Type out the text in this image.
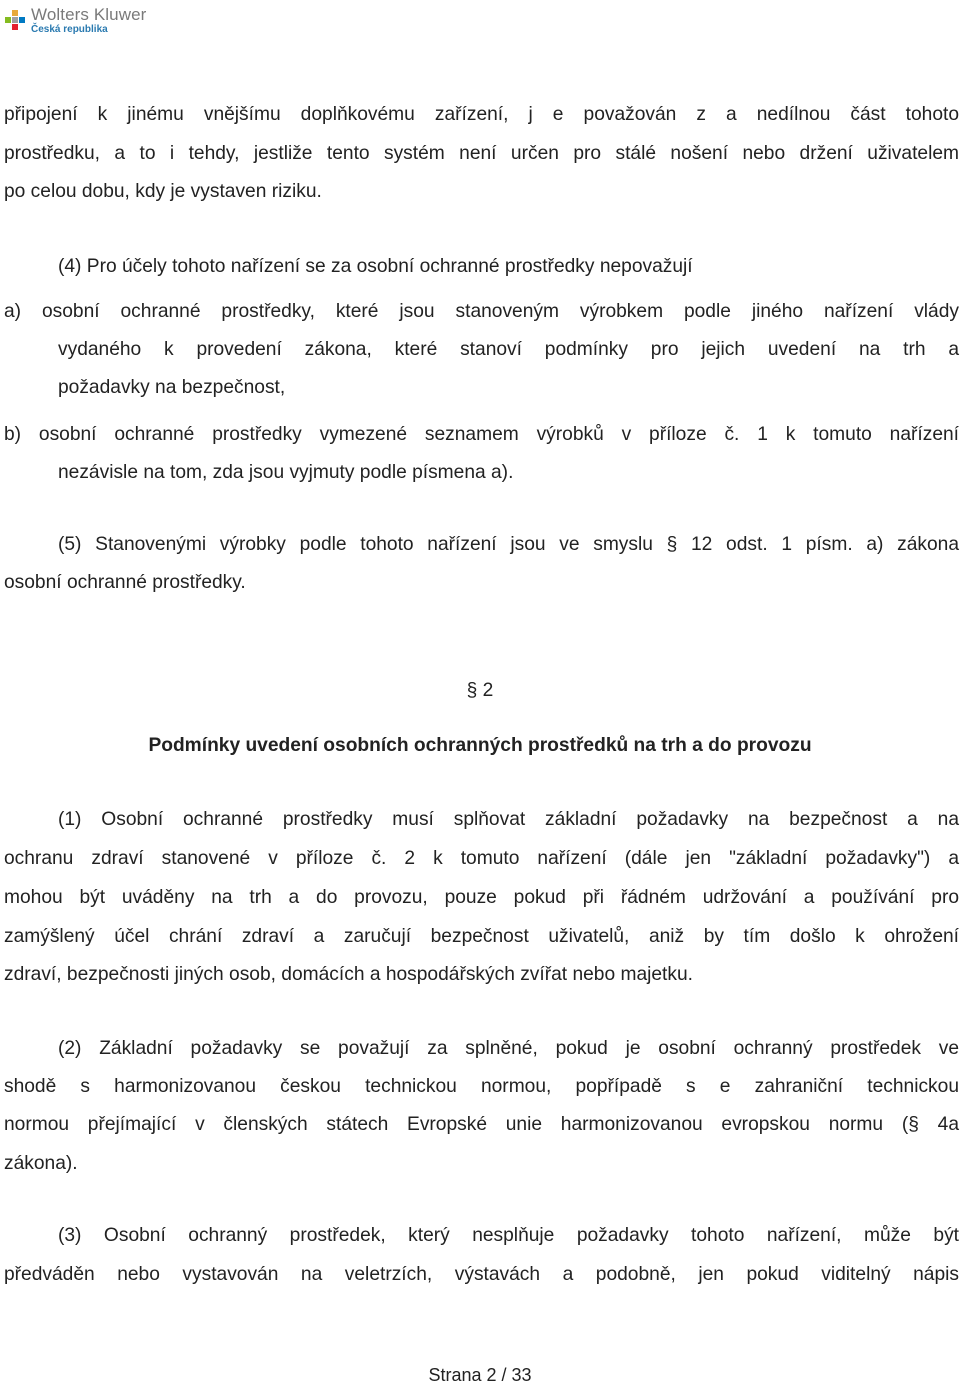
Wolters Kluwer
Česká republika
připojení k jinému vnějšímu doplňkovému zařízení, j e považován z a nedílnou část tohoto
prostředku, a to i tehdy, jestliže tento systém není určen pro stálé nošení nebo držení uživatelem
po celou dobu, kdy je vystaven riziku.
(4) Pro účely tohoto nařízení se za osobní ochranné prostředky nepovažují
a) osobní ochranné prostředky, které jsou stanoveným výrobkem podle jiného nařízení vlády
vydaného k provedení zákona, které stanoví podmínky pro jejich uvedení na trh a
požadavky na bezpečnost,
b) osobní ochranné prostředky vymezené seznamem výrobků v příloze č. 1 k tomuto nařízení
nezávisle na tom, zda jsou vyjmuty podle písmena a).
(5) Stanovenými výrobky podle tohoto nařízení jsou ve smyslu § 12 odst. 1 písm. a) zákona
osobní ochranné prostředky.
§ 2
Podmínky uvedení osobních ochranných prostředků na trh a do provozu
(1) Osobní ochranné prostředky musí splňovat základní požadavky na bezpečnost a na
ochranu zdraví stanovené v příloze č. 2 k tomuto nařízení (dále jen "základní požadavky") a
mohou být uváděny na trh a do provozu, pouze pokud při řádném udržování a používání pro
zamýšlený účel chrání zdraví a zaručují bezpečnost uživatelů, aniž by tím došlo k ohrožení
zdraví, bezpečnosti jiných osob, domácích a hospodářských zvířat nebo majetku.
(2) Základní požadavky se považují za splněné, pokud je osobní ochranný prostředek ve
shodě s harmonizovanou českou technickou normou, popřípadě s e zahraniční technickou
normou přejímající v členských státech Evropské unie harmonizovanou evropskou normu (§ 4a
zákona).
(3) Osobní ochranný prostředek, který nesplňuje požadavky tohoto nařízení, může být
předváděn nebo vystavován na veletrzích, výstavách a podobně, jen pokud viditelný nápis
Strana 2 / 33
